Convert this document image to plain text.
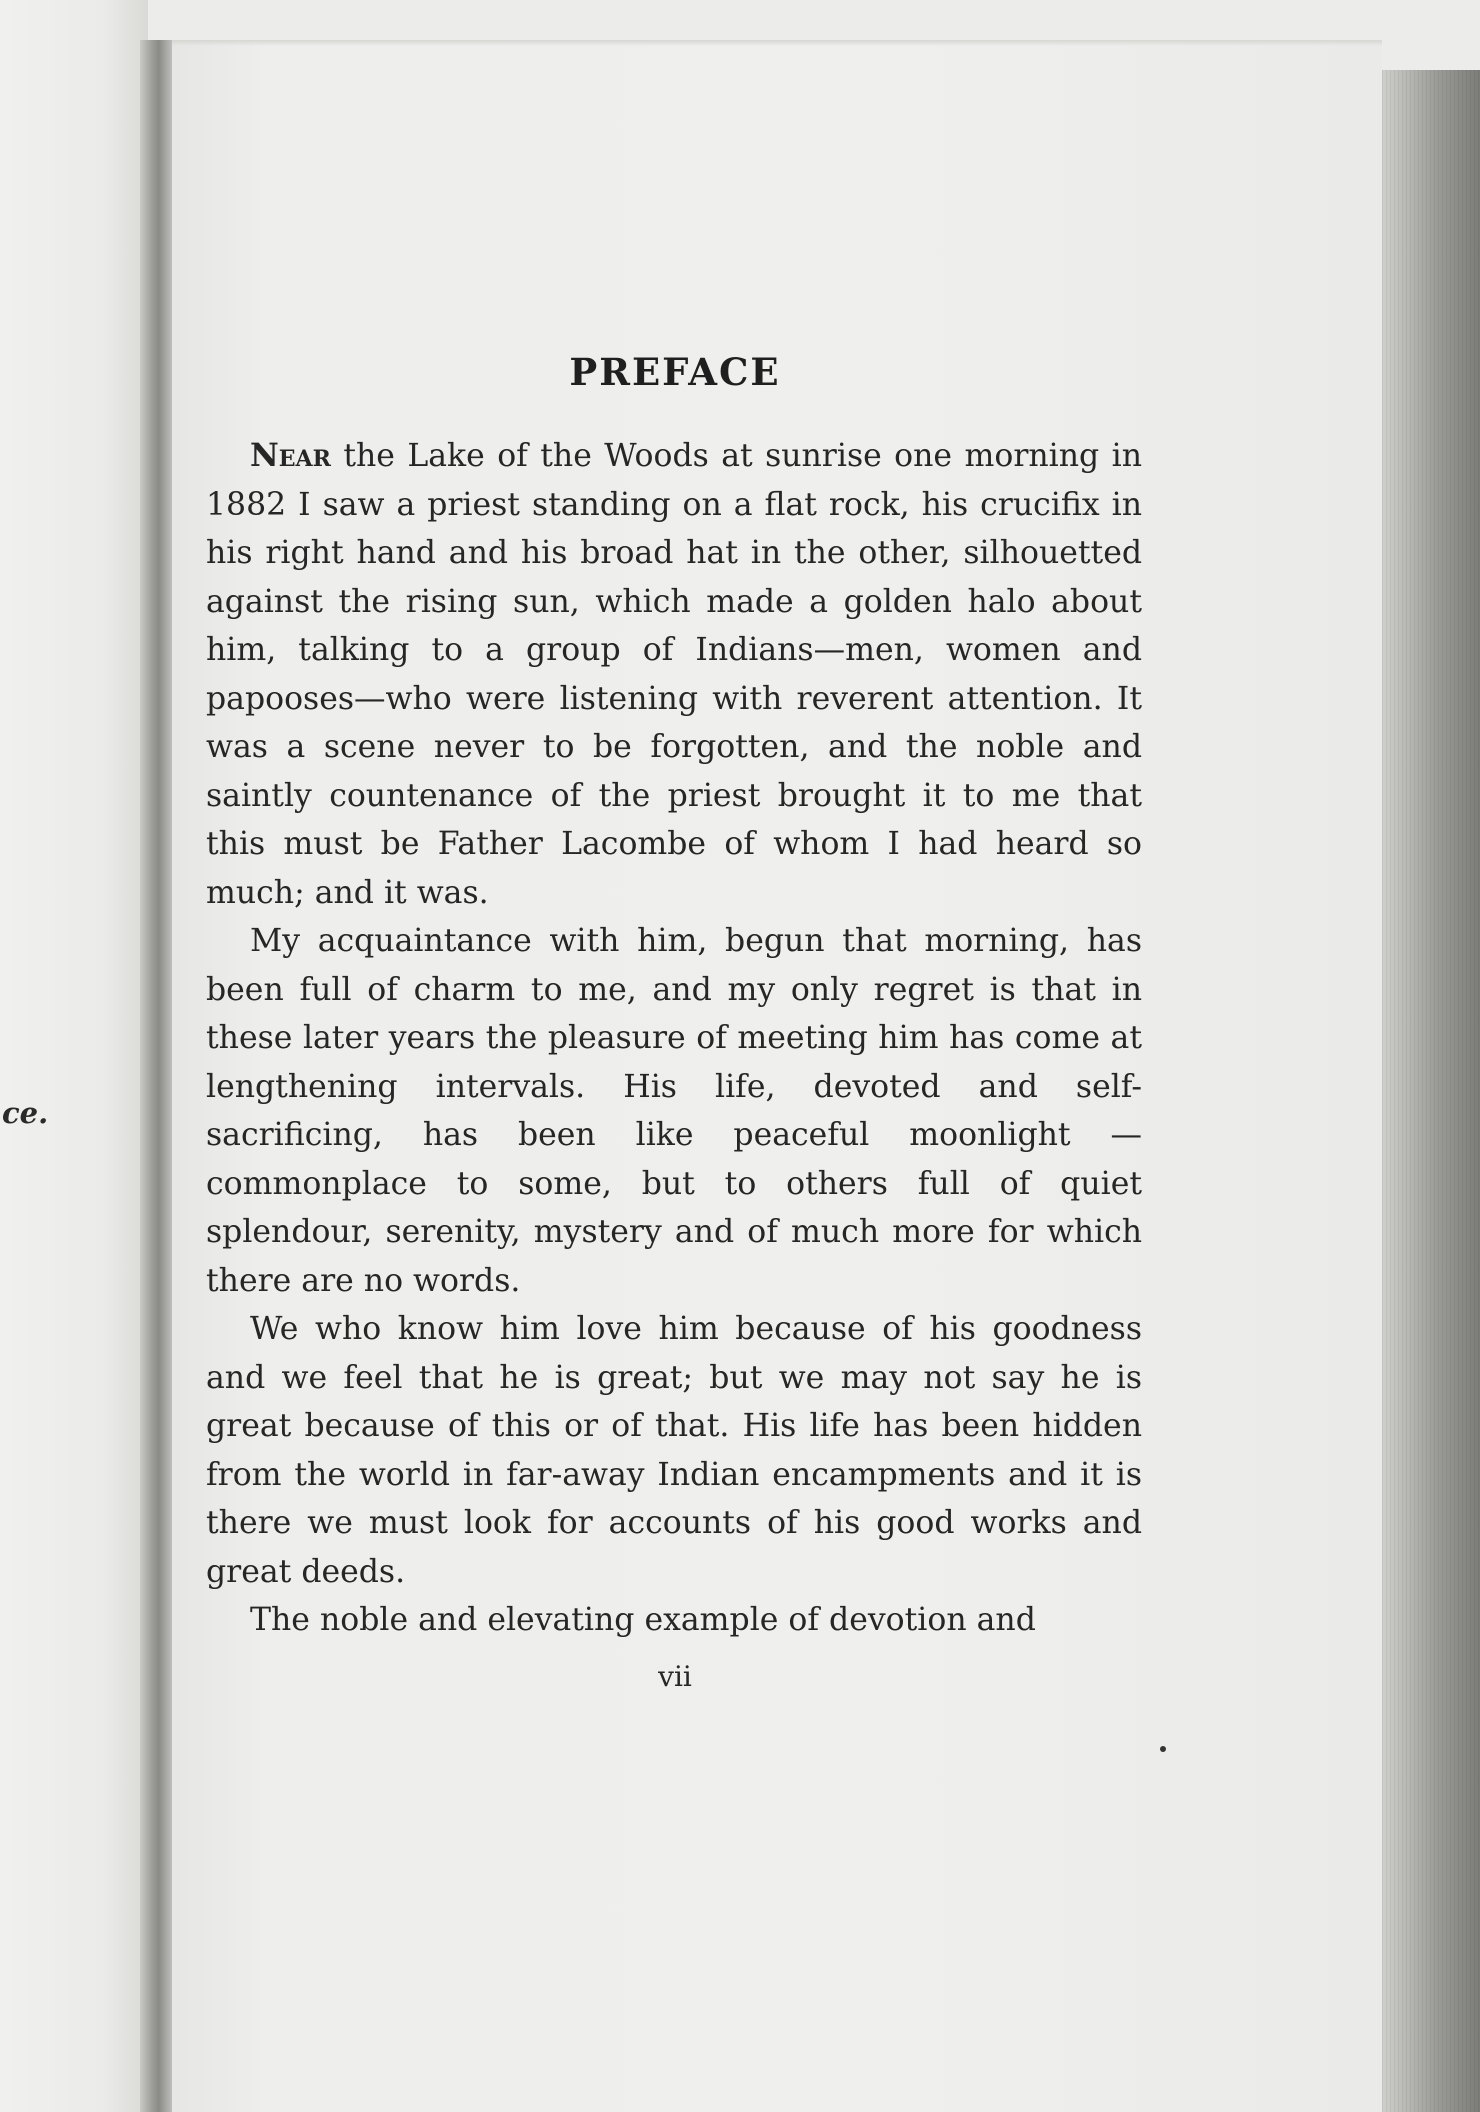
ce.
PREFACE

Near the Lake of the Woods at sunrise one morning in 1882 I saw a priest standing on a flat rock, his crucifix in his right hand and his broad hat in the other, silhouetted against the rising sun, which made a golden halo about him, talking to a group of Indians—men, women and papooses—who were listening with reverent attention. It was a scene never to be forgotten, and the noble and saintly countenance of the priest brought it to me that this must be Father Lacombe of whom I had heard so much; and it was.

My acquaintance with him, begun that morning, has been full of charm to me, and my only regret is that in these later years the pleasure of meeting him has come at lengthening intervals. His life, devoted and self-sacrificing, has been like peaceful moonlight —commonplace to some, but to others full of quiet splendour, serenity, mystery and of much more for which there are no words.

We who know him love him because of his goodness and we feel that he is great; but we may not say he is great because of this or of that. His life has been hidden from the world in far-away Indian encampments and it is there we must look for accounts of his good works and great deeds.

The noble and elevating example of devotion and

vii
